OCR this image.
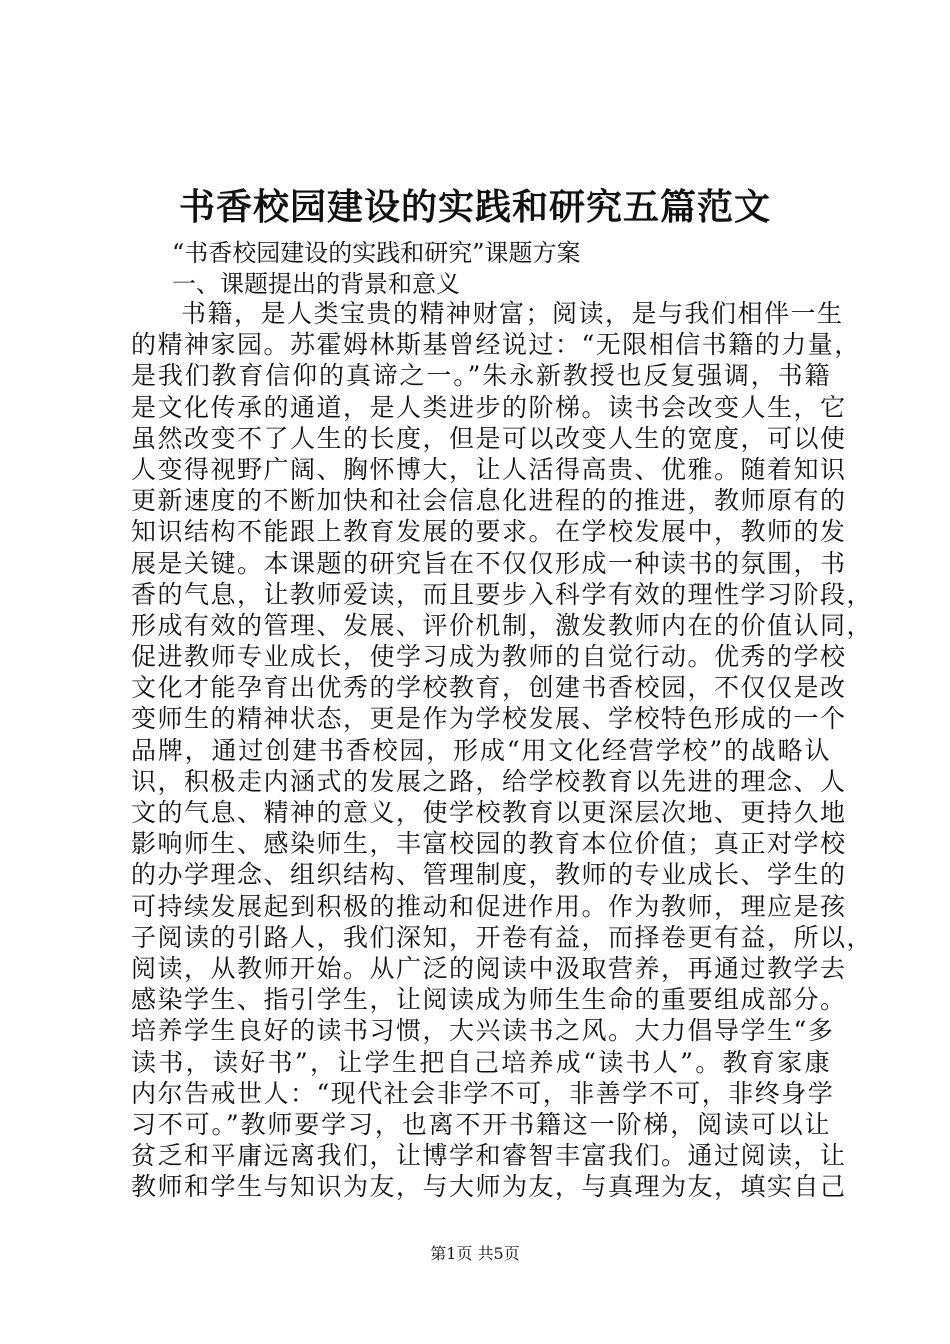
书香校园建设的实践和研究五篇范文

“书香校园建设的实践和研究”课题方案

一、课题提出的背景和意义

书籍，是人类宝贵的精神财富；阅读，是与我们相伴一生
的精神家园。苏霍姆林斯基曾经说过：“无限相信书籍的力量，
是我们教育信仰的真谛之一。”朱永新教授也反复强调，书籍
是文化传承的通道，是人类进步的阶梯。读书会改变人生，它
虽然改变不了人生的长度，但是可以改变人生的宽度，可以使
人变得视野广阔、胸怀博大，让人活得高贵、优雅。随着知识
更新速度的不断加快和社会信息化进程的的推进，教师原有的
知识结构不能跟上教育发展的要求。在学校发展中，教师的发
展是关键。本课题的研究旨在不仅仅形成一种读书的氛围，书
香的气息，让教师爱读，而且要步入科学有效的理性学习阶段，
形成有效的管理、发展、评价机制，激发教师内在的价值认同，
促进教师专业成长，使学习成为教师的自觉行动。优秀的学校
文化才能孕育出优秀的学校教育，创建书香校园，不仅仅是改
变师生的精神状态，更是作为学校发展、学校特色形成的一个
品牌，通过创建书香校园，形成“用文化经营学校”的战略认
识，积极走内涵式的发展之路，给学校教育以先进的理念、人
文的气息、精神的意义，使学校教育以更深层次地、更持久地
影响师生、感染师生，丰富校园的教育本位价值；真正对学校
的办学理念、组织结构、管理制度，教师的专业成长、学生的
可持续发展起到积极的推动和促进作用。作为教师，理应是孩
子阅读的引路人，我们深知，开卷有益，而择卷更有益，所以，
阅读，从教师开始。从广泛的阅读中汲取营养，再通过教学去
感染学生、指引学生，让阅读成为师生生命的重要组成部分。
培养学生良好的读书习惯，大兴读书之风。大力倡导学生“多
读书，读好书”，让学生把自己培养成“读书人”。教育家康
内尔告戒世人：“现代社会非学不可，非善学不可，非终身学
习不可。”教师要学习，也离不开书籍这一阶梯，阅读可以让
贫乏和平庸远离我们，让博学和睿智丰富我们。通过阅读，让
教师和学生与知识为友，与大师为友，与真理为友，填实自己

第1页 共5页
